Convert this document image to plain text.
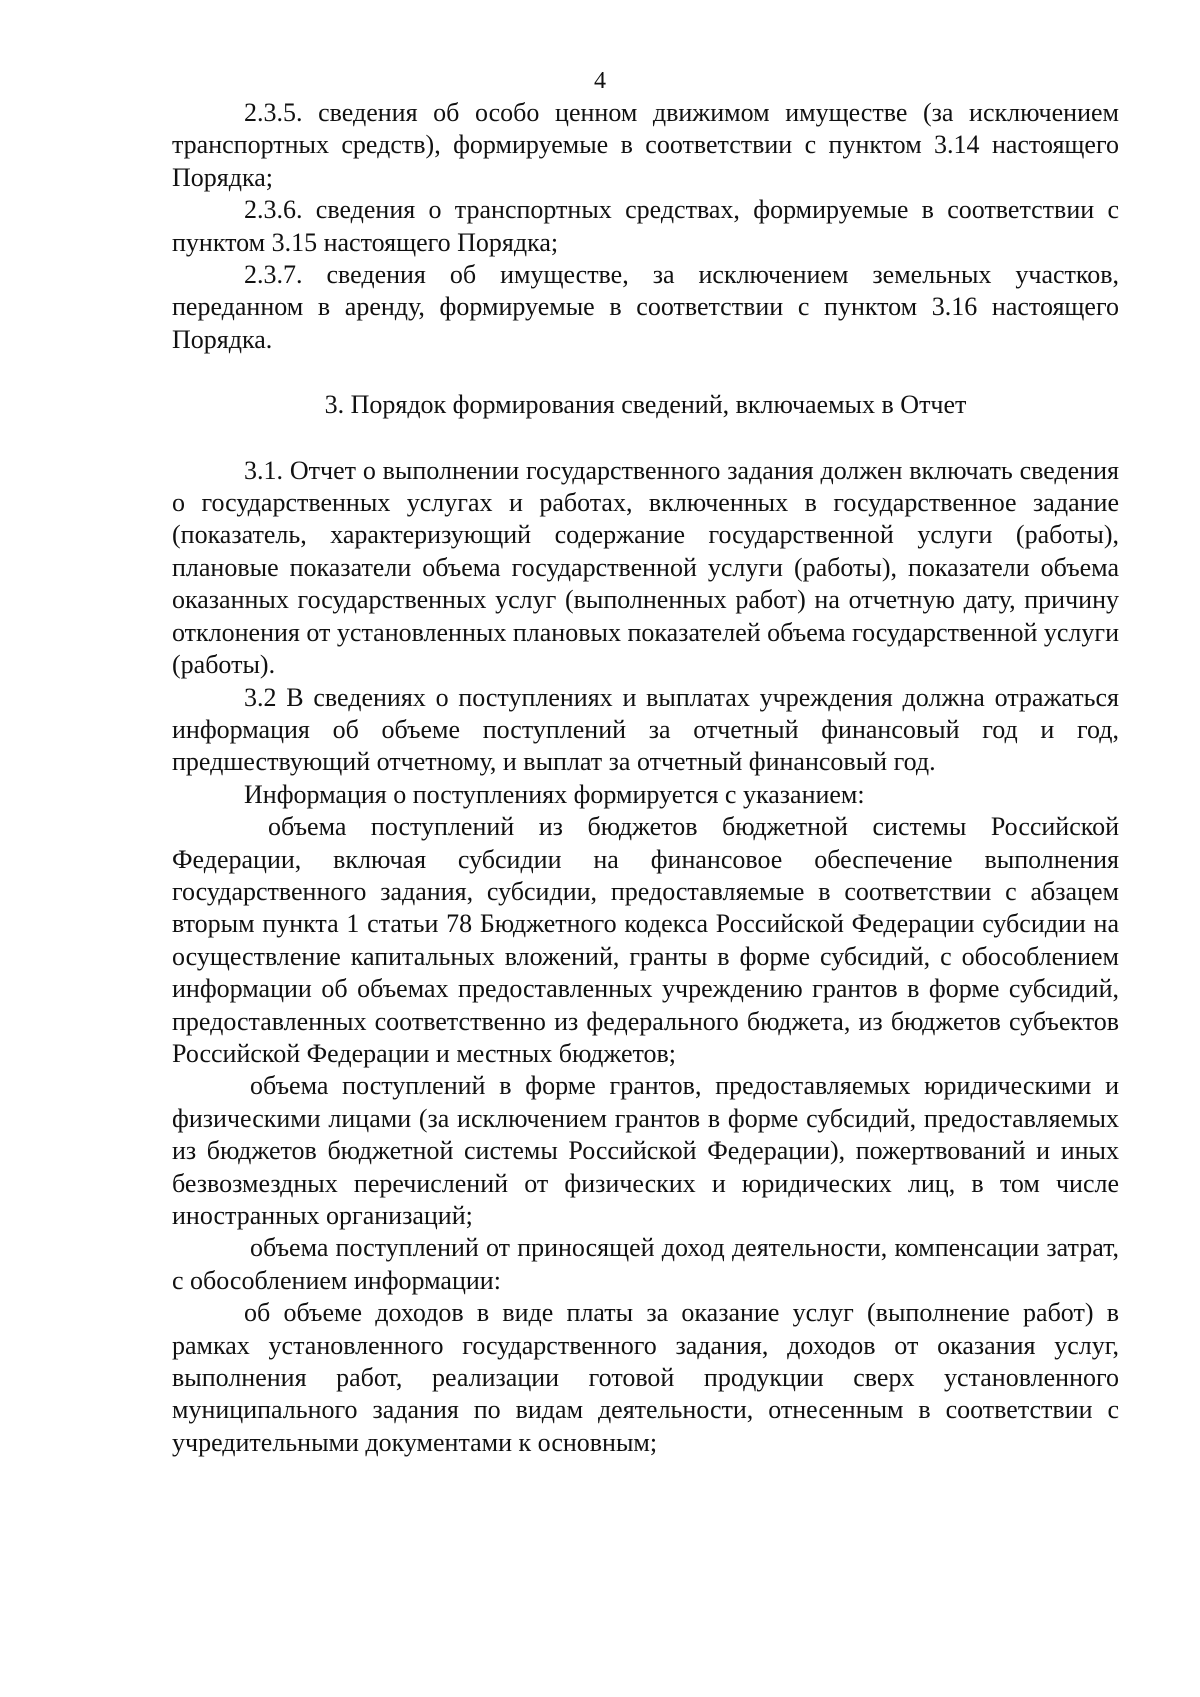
4

2.3.5. сведения об особо ценном движимом имуществе (за исключением транспортных средств), формируемые в соответствии с пунктом 3.14 настоящего Порядка;

2.3.6. сведения о транспортных средствах, формируемые в соответствии с пунктом 3.15 настоящего Порядка;

2.3.7. сведения об имуществе, за исключением земельных участков, переданном в аренду, формируемые в соответствии с пунктом 3.16 настоящего Порядка.

3. Порядок формирования сведений, включаемых в Отчет

3.1. Отчет о выполнении государственного задания должен включать сведения о государственных услугах и работах, включенных в государственное задание (показатель, характеризующий содержание государственной услуги (работы), плановые показатели объема государственной услуги (работы), показатели объема оказанных государственных услуг (выполненных работ) на отчетную дату, причину отклонения от установленных плановых показателей объема государственной услуги (работы).

3.2 В сведениях о поступлениях и выплатах учреждения должна отражаться информация об объеме поступлений за отчетный финансовый год и год, предшествующий отчетному, и выплат за отчетный финансовый год.

Информация о поступлениях формируется с указанием:

объема поступлений из бюджетов бюджетной системы Российской Федерации, включая субсидии на финансовое обеспечение выполнения государственного задания, субсидии, предоставляемые в соответствии с абзацем вторым пункта 1 статьи 78 Бюджетного кодекса Российской Федерации субсидии на осуществление капитальных вложений, гранты в форме субсидий, с обособлением информации об объемах предоставленных учреждению грантов в форме субсидий, предоставленных соответственно из федерального бюджета, из бюджетов субъектов Российской Федерации и местных бюджетов;

объема поступлений в форме грантов, предоставляемых юридическими и физическими лицами (за исключением грантов в форме субсидий, предоставляемых из бюджетов бюджетной системы Российской Федерации), пожертвований и иных безвозмездных перечислений от физических и юридических лиц, в том числе иностранных организаций;

объема поступлений от приносящей доход деятельности, компенсации затрат, с обособлением информации:

об объеме доходов в виде платы за оказание услуг (выполнение работ) в рамках установленного государственного задания, доходов от оказания услуг, выполнения работ, реализации готовой продукции сверх установленного муниципального задания по видам деятельности, отнесенным в соответствии с учредительными документами к основным;
